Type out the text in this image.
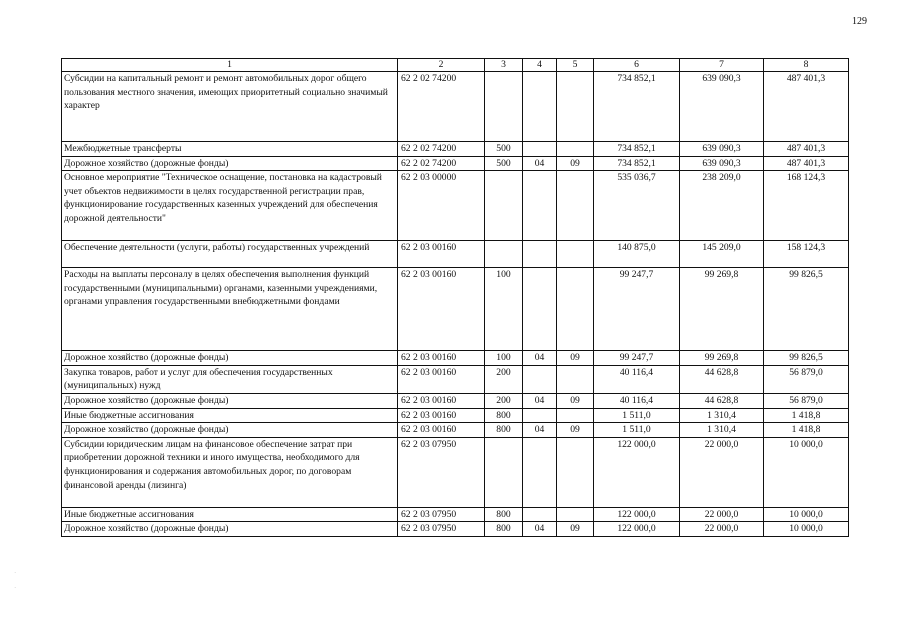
129
1	2	3	4	5	6	7	8
Субсидии на капитальный ремонт и ремонт автомобильных дорог общего пользования местного значения, имеющих приоритетный социально значимый характер	62 2 02 74200				734 852,1	639 090,3	487 401,3
Межбюджетные трансферты	62 2 02 74200	500			734 852,1	639 090,3	487 401,3
Дорожное хозяйство (дорожные фонды)	62 2 02 74200	500	04	09	734 852,1	639 090,3	487 401,3
Основное мероприятие "Техническое оснащение, постановка на кадастровый учет объектов недвижимости в целях государственной регистрации прав, функционирование государственных казенных учреждений для обеспечения дорожной деятельности"	62 2 03 00000				535 036,7	238 209,0	168 124,3
Обеспечение деятельности (услуги, работы) государственных учреждений	62 2 03 00160				140 875,0	145 209,0	158 124,3
Расходы на выплаты персоналу в целях обеспечения выполнения функций государственными (муниципальными) органами, казенными учреждениями, органами управления государственными внебюджетными фондами	62 2 03 00160	100			99 247,7	99 269,8	99 826,5
Дорожное хозяйство (дорожные фонды)	62 2 03 00160	100	04	09	99 247,7	99 269,8	99 826,5
Закупка товаров, работ и услуг для обеспечения государственных (муниципальных) нужд	62 2 03 00160	200			40 116,4	44 628,8	56 879,0
Дорожное хозяйство (дорожные фонды)	62 2 03 00160	200	04	09	40 116,4	44 628,8	56 879,0
Иные бюджетные ассигнования	62 2 03 00160	800			1 511,0	1 310,4	1 418,8
Дорожное хозяйство (дорожные фонды)	62 2 03 00160	800	04	09	1 511,0	1 310,4	1 418,8
Субсидии юридическим лицам на финансовое обеспечение затрат при приобретении дорожной техники и иного имущества, необходимого для функционирования и содержания автомобильных дорог, по договорам финансовой аренды (лизинга)	62 2 03 07950				122 000,0	22 000,0	10 000,0
Иные бюджетные ассигнования	62 2 03 07950	800			122 000,0	22 000,0	10 000,0
Дорожное хозяйство (дорожные фонды)	62 2 03 07950	800	04	09	122 000,0	22 000,0	10 000,0
·
·
